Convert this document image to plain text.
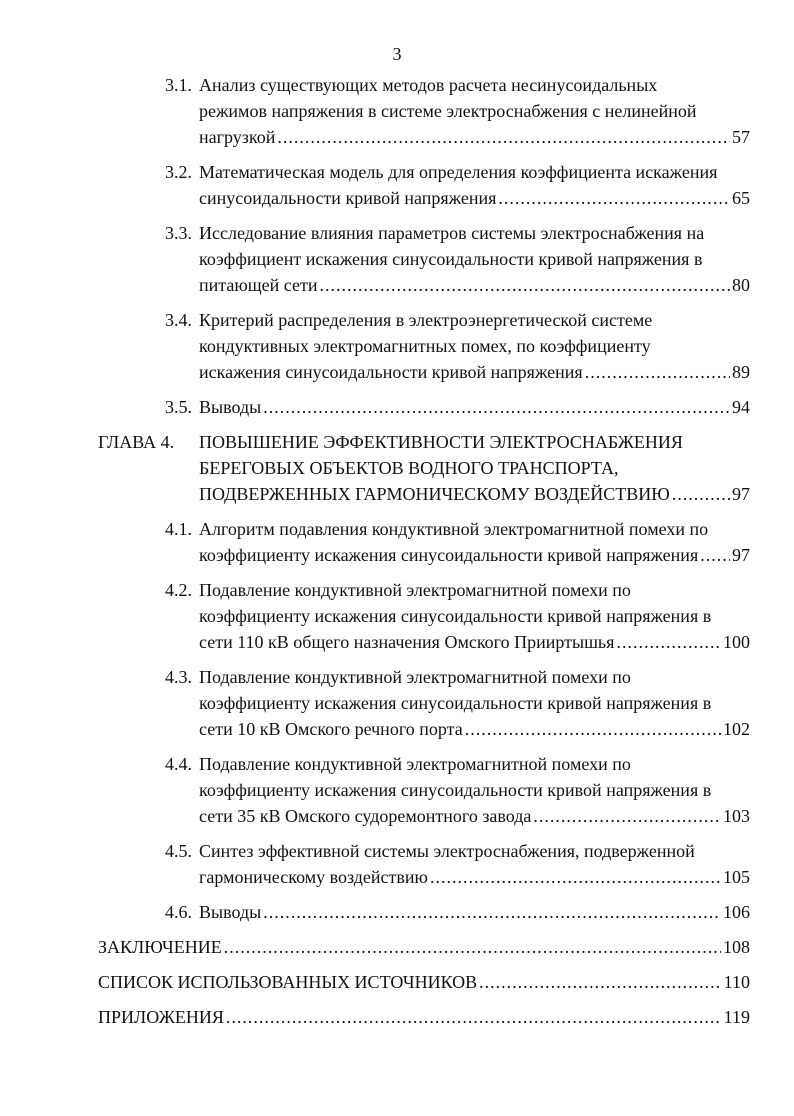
3
3.1. Анализ существующих методов расчета несинусоидальных
режимов напряжения в системе электроснабжения с нелинейной
нагрузкой .....	57
3.2. Математическая модель для определения коэффициента искажения
синусоидальности кривой напряжения .....	65
3.3. Исследование влияния параметров системы электроснабжения на
коэффициент искажения синусоидальности кривой напряжения в
питающей сети .....	80
3.4. Критерий распределения в электроэнергетической системе
кондуктивных электромагнитных помех, по коэффициенту
искажения синусоидальности кривой напряжения .....	89
3.5. Выводы .....	94
ГЛАВА 4. ПОВЫШЕНИЕ ЭФФЕКТИВНОСТИ ЭЛЕКТРОСНАБЖЕНИЯ
БЕРЕГОВЫХ ОБЪЕКТОВ ВОДНОГО ТРАНСПОРТА,
ПОДВЕРЖЕННЫХ ГАРМОНИЧЕСКОМУ ВОЗДЕЙСТВИЮ .....	97
4.1. Алгоритм подавления кондуктивной электромагнитной помехи по
коэффициенту искажения синусоидальности кривой напряжения ..... 97
4.2. Подавление кондуктивной электромагнитной помехи по
коэффициенту искажения синусоидальности кривой напряжения в
сети 110 кВ общего назначения Омского Прииртышья .....	100
4.3. Подавление кондуктивной электромагнитной помехи по
коэффициенту искажения синусоидальности кривой напряжения в
сети 10 кВ Омского речного порта .....	102
4.4. Подавление кондуктивной электромагнитной помехи по
коэффициенту искажения синусоидальности кривой напряжения в
сети 35 кВ Омского судоремонтного завода .....	103
4.5. Синтез эффективной системы электроснабжения, подверженной
гармоническому воздействию .....	105
4.6. Выводы .....	106
ЗАКЛЮЧЕНИЕ .....	108
СПИСОК ИСПОЛЬЗОВАННЫХ ИСТОЧНИКОВ .....	110
ПРИЛОЖЕНИЯ .....	119
